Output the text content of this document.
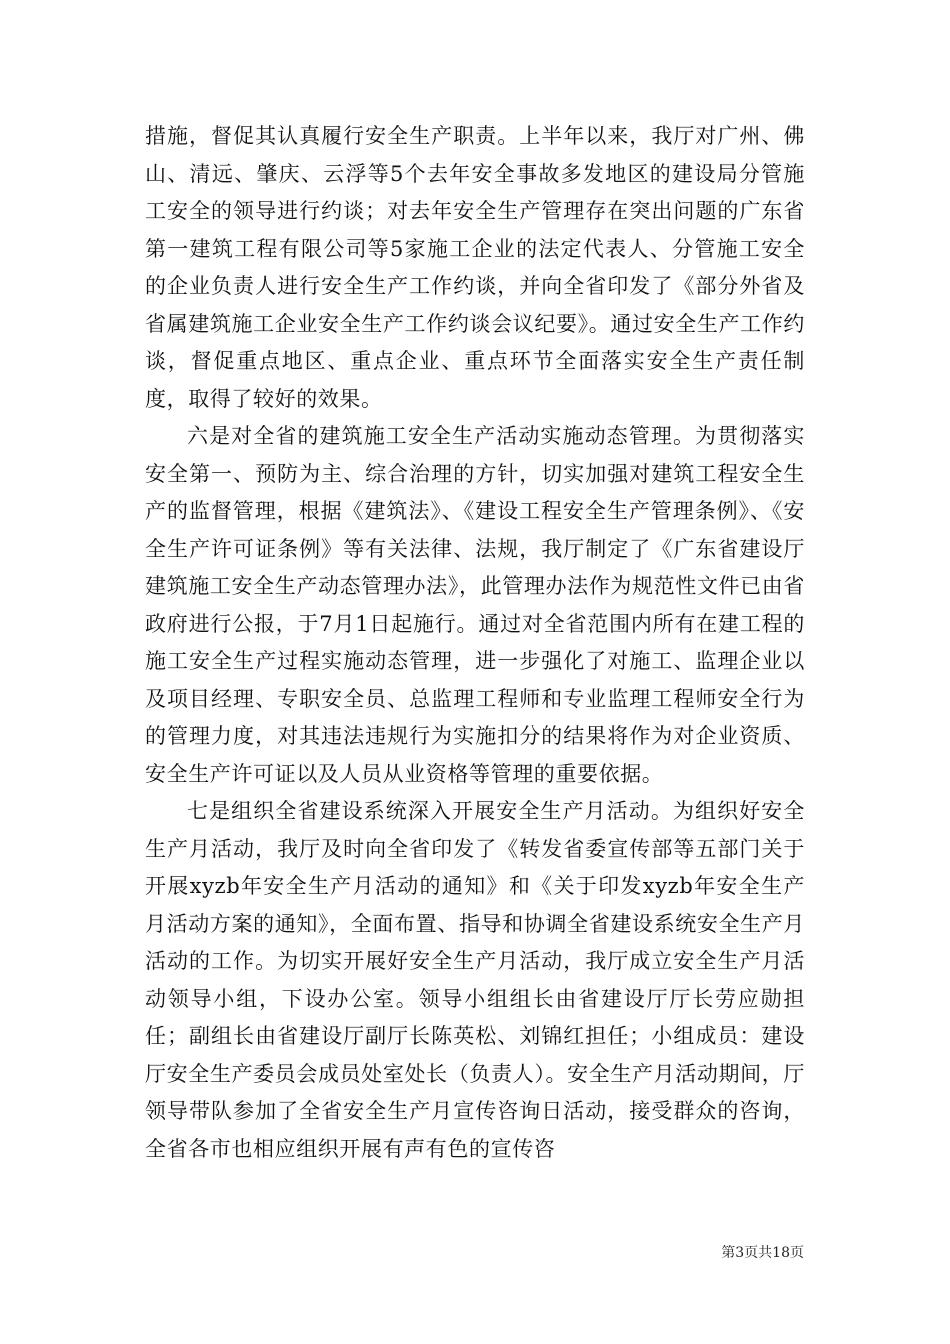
措施，督促其认真履行安全生产职责。上半年以来，我厅对广州、佛山、清远、肇庆、云浮等5个去年安全事故多发地区的建设局分管施工安全的领导进行约谈；对去年安全生产管理存在突出问题的广东省第一建筑工程有限公司等5家施工企业的法定代表人、分管施工安全的企业负责人进行安全生产工作约谈，并向全省印发了《部分外省及省属建筑施工企业安全生产工作约谈会议纪要》。通过安全生产工作约谈，督促重点地区、重点企业、重点环节全面落实安全生产责任制度，取得了较好的效果。

六是对全省的建筑施工安全生产活动实施动态管理。为贯彻落实安全第一、预防为主、综合治理的方针，切实加强对建筑工程安全生产的监督管理，根据《建筑法》、《建设工程安全生产管理条例》、《安全生产许可证条例》等有关法律、法规，我厅制定了《广东省建设厅建筑施工安全生产动态管理办法》，此管理办法作为规范性文件已由省政府进行公报，于7月1日起施行。通过对全省范围内所有在建工程的施工安全生产过程实施动态管理，进一步强化了对施工、监理企业以及项目经理、专职安全员、总监理工程师和专业监理工程师安全行为的管理力度，对其违法违规行为实施扣分的结果将作为对企业资质、安全生产许可证以及人员从业资格等管理的重要依据。

七是组织全省建设系统深入开展安全生产月活动。为组织好安全生产月活动，我厅及时向全省印发了《转发省委宣传部等五部门关于开展xyzb年安全生产月活动的通知》和《关于印发xyzb年安全生产月活动方案的通知》，全面布置、指导和协调全省建设系统安全生产月活动的工作。为切实开展好安全生产月活动，我厅成立安全生产月活动领导小组，下设办公室。领导小组组长由省建设厅厅长劳应勋担任；副组长由省建设厅副厅长陈英松、刘锦红担任；小组成员：建设厅安全生产委员会成员处室处长（负责人）。安全生产月活动期间，厅领导带队参加了全省安全生产月宣传咨询日活动，接受群众的咨询，全省各市也相应组织开展有声有色的宣传咨

第3页共18页
